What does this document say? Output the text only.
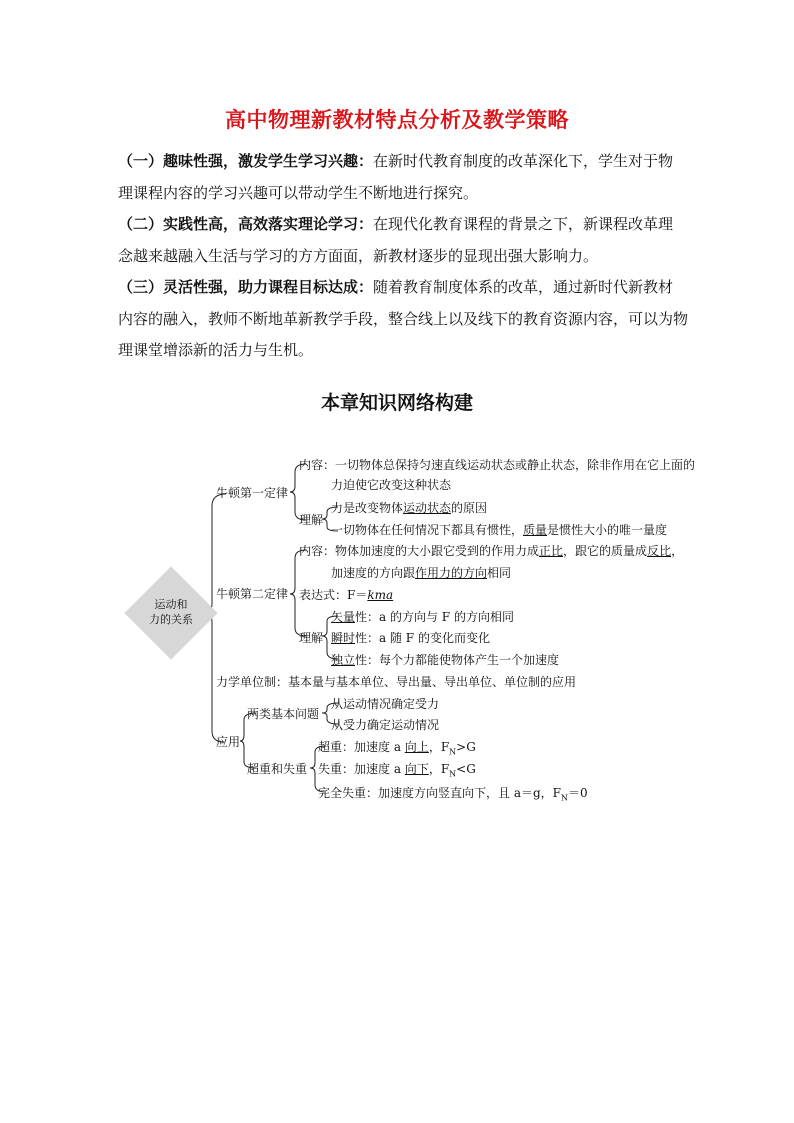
高中物理新教材特点分析及教学策略

（一）趣味性强，激发学生学习兴趣：在新时代教育制度的改革深化下，学生对于物理课程内容的学习兴趣可以带动学生不断地进行探究。

（二）实践性高，高效落实理论学习：在现代化教育课程的背景之下，新课程改革理念越来越融入生活与学习的方方面面，新教材逐步的显现出强大影响力。

（三）灵活性强，助力课程目标达成：随着教育制度体系的改革，通过新时代新教材内容的融入，教师不断地革新教学手段，整合线上以及线下的教育资源内容，可以为物理课堂增添新的活力与生机。

本章知识网络构建
运动和
力的关系
牛顿第一定律
内容：一切物体总保持匀速直线运动状态或静止状态，除非作用在它上面的
力迫使它改变这种状态
理解
力是改变物体运动状态的原因
一切物体在任何情况下都具有惯性，质量是惯性大小的唯一量度
牛顿第二定律
内容：物体加速度的大小跟它受到的作用力成正比，跟它的质量成反比，
加速度的方向跟作用力的方向相同
表达式：F＝kma
理解
矢量性：a 的方向与 F 的方向相同
瞬时性：a 随 F 的变化而变化
独立性：每个力都能使物体产生一个加速度
力学单位制：基本量与基本单位、导出量、导出单位、单位制的应用
应用
两类基本问题
从运动情况确定受力
从受力确定运动情况
超重和失重
超重：加速度 a 向上，$F_N>G$
失重：加速度 a 向下，$F_N<G$
完全失重：加速度方向竖直向下，且 a＝g，$F_N=0$
